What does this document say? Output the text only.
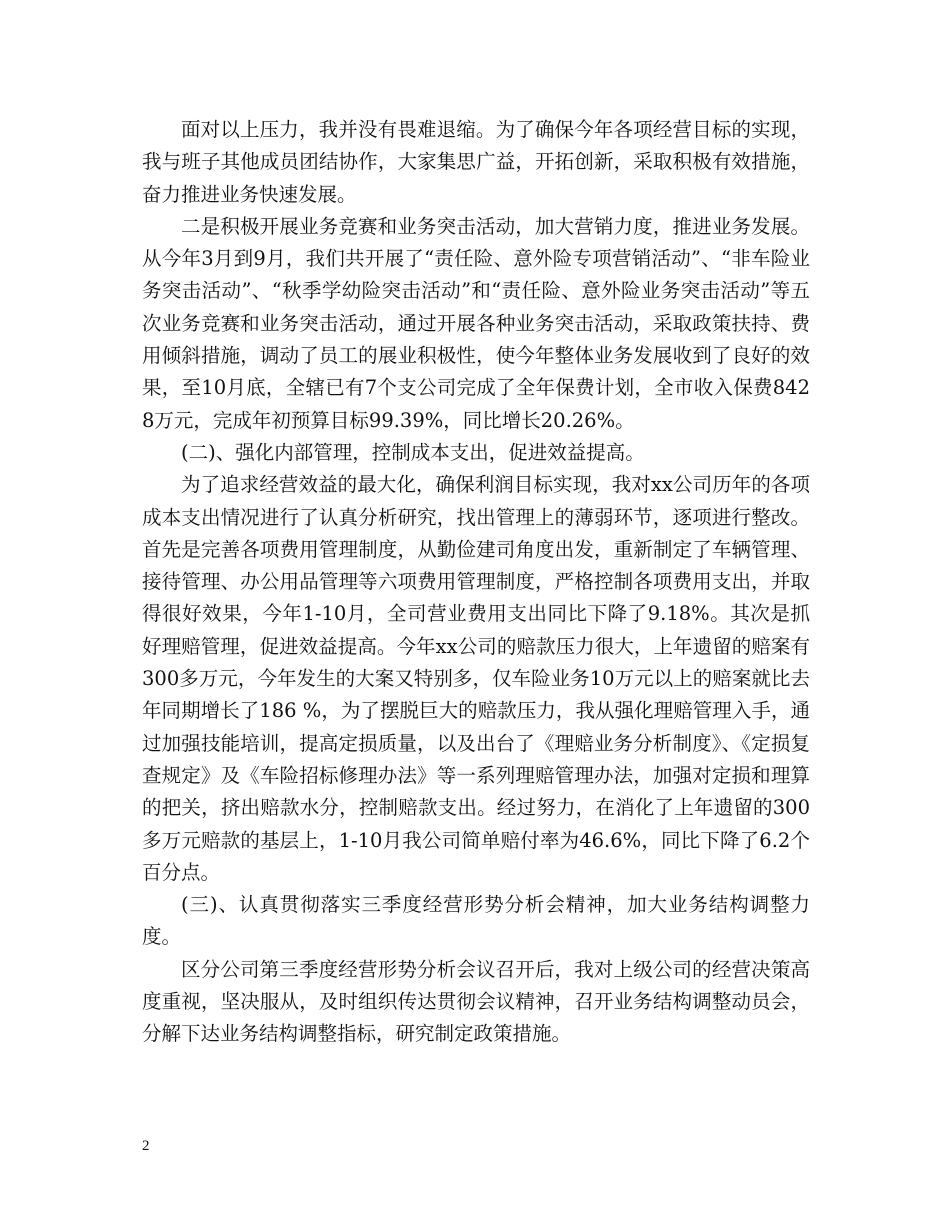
面对以上压力，我并没有畏难退缩。为了确保今年各项经营目标的实现，我与班子其他成员团结协作，大家集思广益，开拓创新，采取积极有效措施，奋力推进业务快速发展。

二是积极开展业务竞赛和业务突击活动，加大营销力度，推进业务发展。从今年3月到9月，我们共开展了“责任险、意外险专项营销活动”、“非车险业务突击活动”、“秋季学幼险突击活动”和“责任险、意外险业务突击活动”等五次业务竞赛和业务突击活动，通过开展各种业务突击活动，采取政策扶持、费用倾斜措施，调动了员工的展业积极性，使今年整体业务发展收到了良好的效果，至10月底，全辖已有7个支公司完成了全年保费计划，全市收入保费8428万元，完成年初预算目标99.39%，同比增长20.26%。

(二)、强化内部管理，控制成本支出，促进效益提高。

为了追求经营效益的最大化，确保利润目标实现，我对xx公司历年的各项成本支出情况进行了认真分析研究，找出管理上的薄弱环节，逐项进行整改。首先是完善各项费用管理制度，从勤俭建司角度出发，重新制定了车辆管理、接待管理、办公用品管理等六项费用管理制度，严格控制各项费用支出，并取得很好效果，今年1-10月，全司营业费用支出同比下降了9.18%。其次是抓好理赔管理，促进效益提高。今年xx公司的赔款压力很大，上年遗留的赔案有300多万元，今年发生的大案又特别多，仅车险业务10万元以上的赔案就比去年同期增长了186 %，为了摆脱巨大的赔款压力，我从强化理赔管理入手，通过加强技能培训，提高定损质量，以及出台了《理赔业务分析制度》、《定损复查规定》及《车险招标修理办法》等一系列理赔管理办法，加强对定损和理算的把关，挤出赔款水分，控制赔款支出。经过努力，在消化了上年遗留的300多万元赔款的基层上，1-10月我公司简单赔付率为46.6%，同比下降了6.2个百分点。

(三)、认真贯彻落实三季度经营形势分析会精神，加大业务结构调整力度。

区分公司第三季度经营形势分析会议召开后，我对上级公司的经营决策高度重视，坚决服从，及时组织传达贯彻会议精神，召开业务结构调整动员会，分解下达业务结构调整指标，研究制定政策措施。

2
